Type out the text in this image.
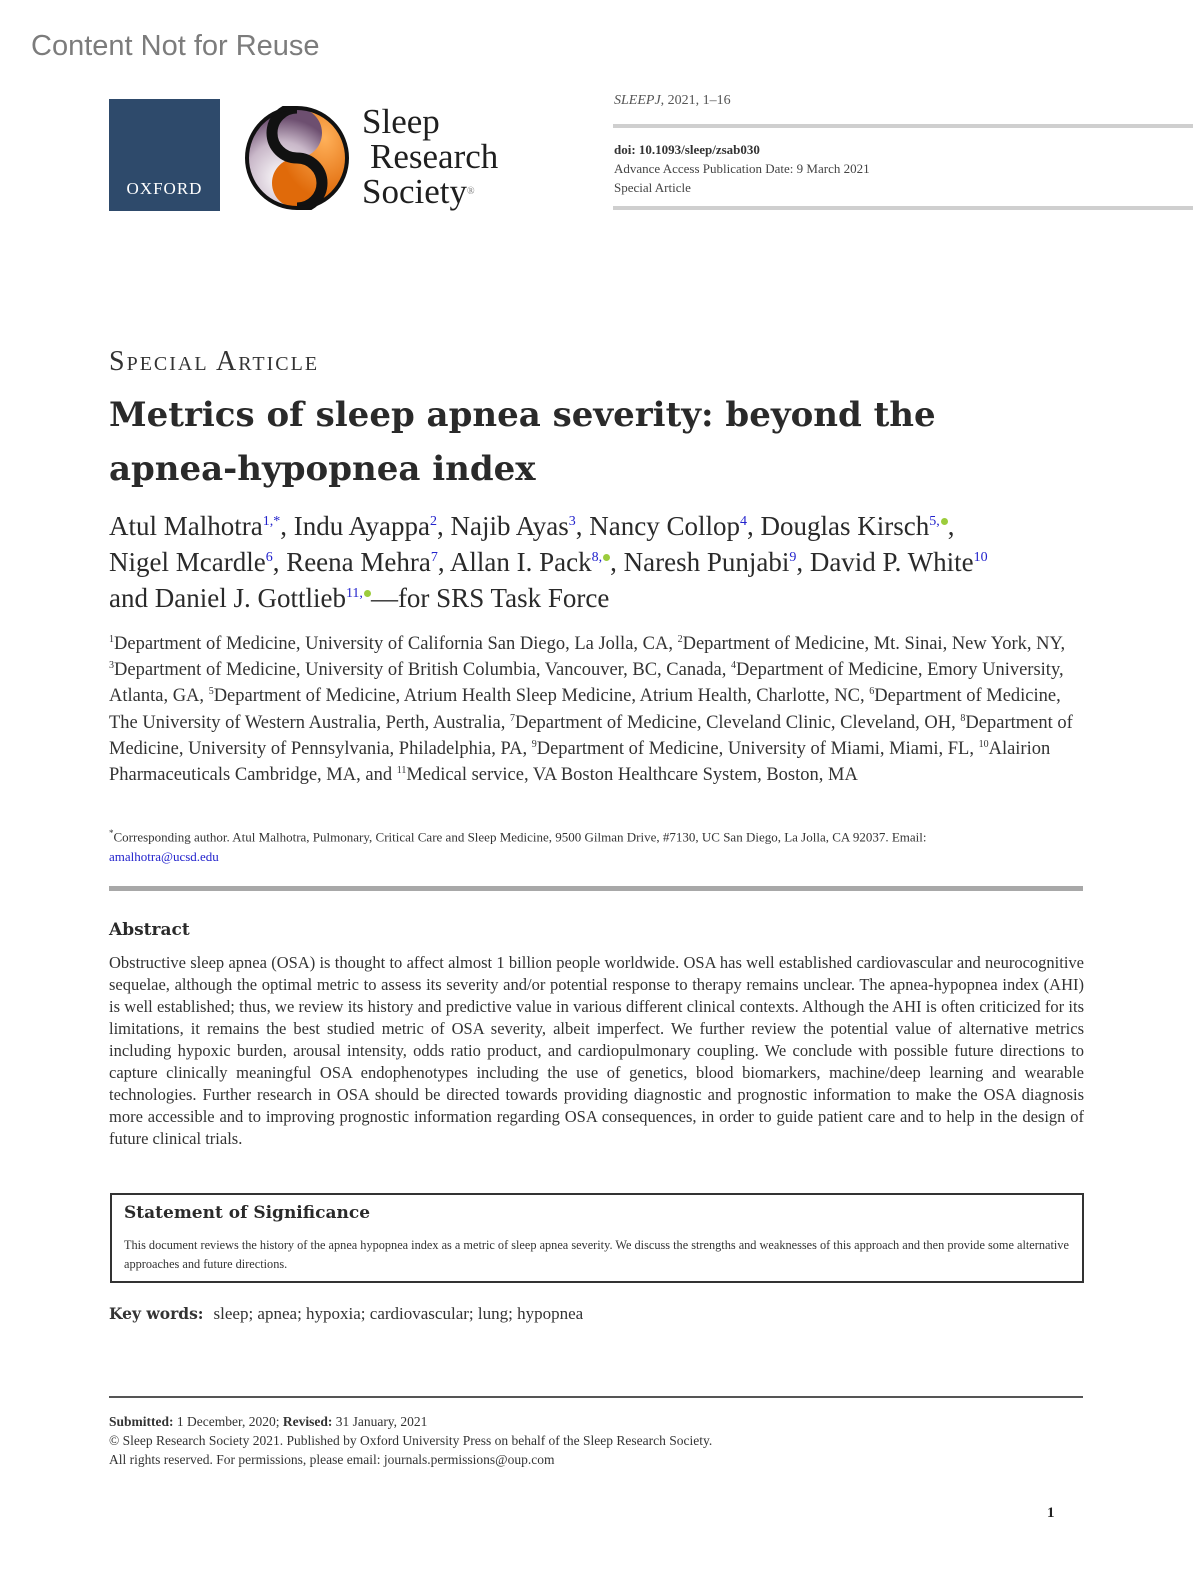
Content Not for Reuse
OXFORD
Sleep
Research
Society®
SLEEPJ, 2021, 1–16
doi: 10.1093/sleep/zsab030
Advance Access Publication Date: 9 March 2021
Special Article
Special Article
Metrics of sleep apnea severity: beyond the apnea-hypopnea index
Atul Malhotra$^{1,*}$, Indu Ayappa$^2$, Najib Ayas$^3$, Nancy Collop$^4$, Douglas Kirsch$^{5,}$ ,
Nigel Mcardle$^6$, Reena Mehra$^7$, Allan I. Pack$^{8,}$ , Naresh Punjabi$^9$, David P. White$^{10}$
and Daniel J. Gottlieb$^{11,}$ —for SRS Task Force
$^1$Department of Medicine, University of California San Diego, La Jolla, CA, $^2$Department of Medicine, Mt. Sinai, New York, NY, $^3$Department of Medicine, University of British Columbia, Vancouver, BC, Canada, $^4$Department of Medicine, Emory University, Atlanta, GA, $^5$Department of Medicine, Atrium Health Sleep Medicine, Atrium Health, Charlotte, NC, $^6$Department of Medicine, The University of Western Australia, Perth, Australia, $^7$Department of Medicine, Cleveland Clinic, Cleveland, OH, $^8$Department of Medicine, University of Pennsylvania, Philadelphia, PA, $^9$Department of Medicine, University of Miami, Miami, FL, $^{10}$Alairion Pharmaceuticals Cambridge, MA, and $^{11}$Medical service, VA Boston Healthcare System, Boston, MA
*Corresponding author. Atul Malhotra, Pulmonary, Critical Care and Sleep Medicine, 9500 Gilman Drive, #7130, UC San Diego, La Jolla, CA 92037. Email:
amalhotra@ucsd.edu
Abstract
Obstructive sleep apnea (OSA) is thought to affect almost 1 billion people worldwide. OSA has well established cardiovascular and neurocognitive sequelae, although the optimal metric to assess its severity and/or potential response to therapy remains unclear. The apnea-hypopnea index (AHI) is well established; thus, we review its history and predictive value in various different clinical contexts. Although the AHI is often criticized for its limitations, it remains the best studied metric of OSA severity, albeit imperfect. We further review the potential value of alternative metrics including hypoxic burden, arousal intensity, odds ratio product, and cardiopulmonary coupling. We conclude with possible future directions to capture clinically meaningful OSA endophenotypes including the use of genetics, blood biomarkers, machine/deep learning and wearable technologies. Further research in OSA should be directed towards providing diagnostic and prognostic information to make the OSA diagnosis more accessible and to improving prognostic information regarding OSA consequences, in order to guide patient care and to help in the design of future clinical trials.
Statement of Significance
This document reviews the history of the apnea hypopnea index as a metric of sleep apnea severity. We discuss the strengths and weaknesses of this approach and then provide some alternative approaches and future directions.
Key words: sleep; apnea; hypoxia; cardiovascular; lung; hypopnea
Submitted: 1 December, 2020; Revised: 31 January, 2021
© Sleep Research Society 2021. Published by Oxford University Press on behalf of the Sleep Research Society.
All rights reserved. For permissions, please email: journals.permissions@oup.com
1
